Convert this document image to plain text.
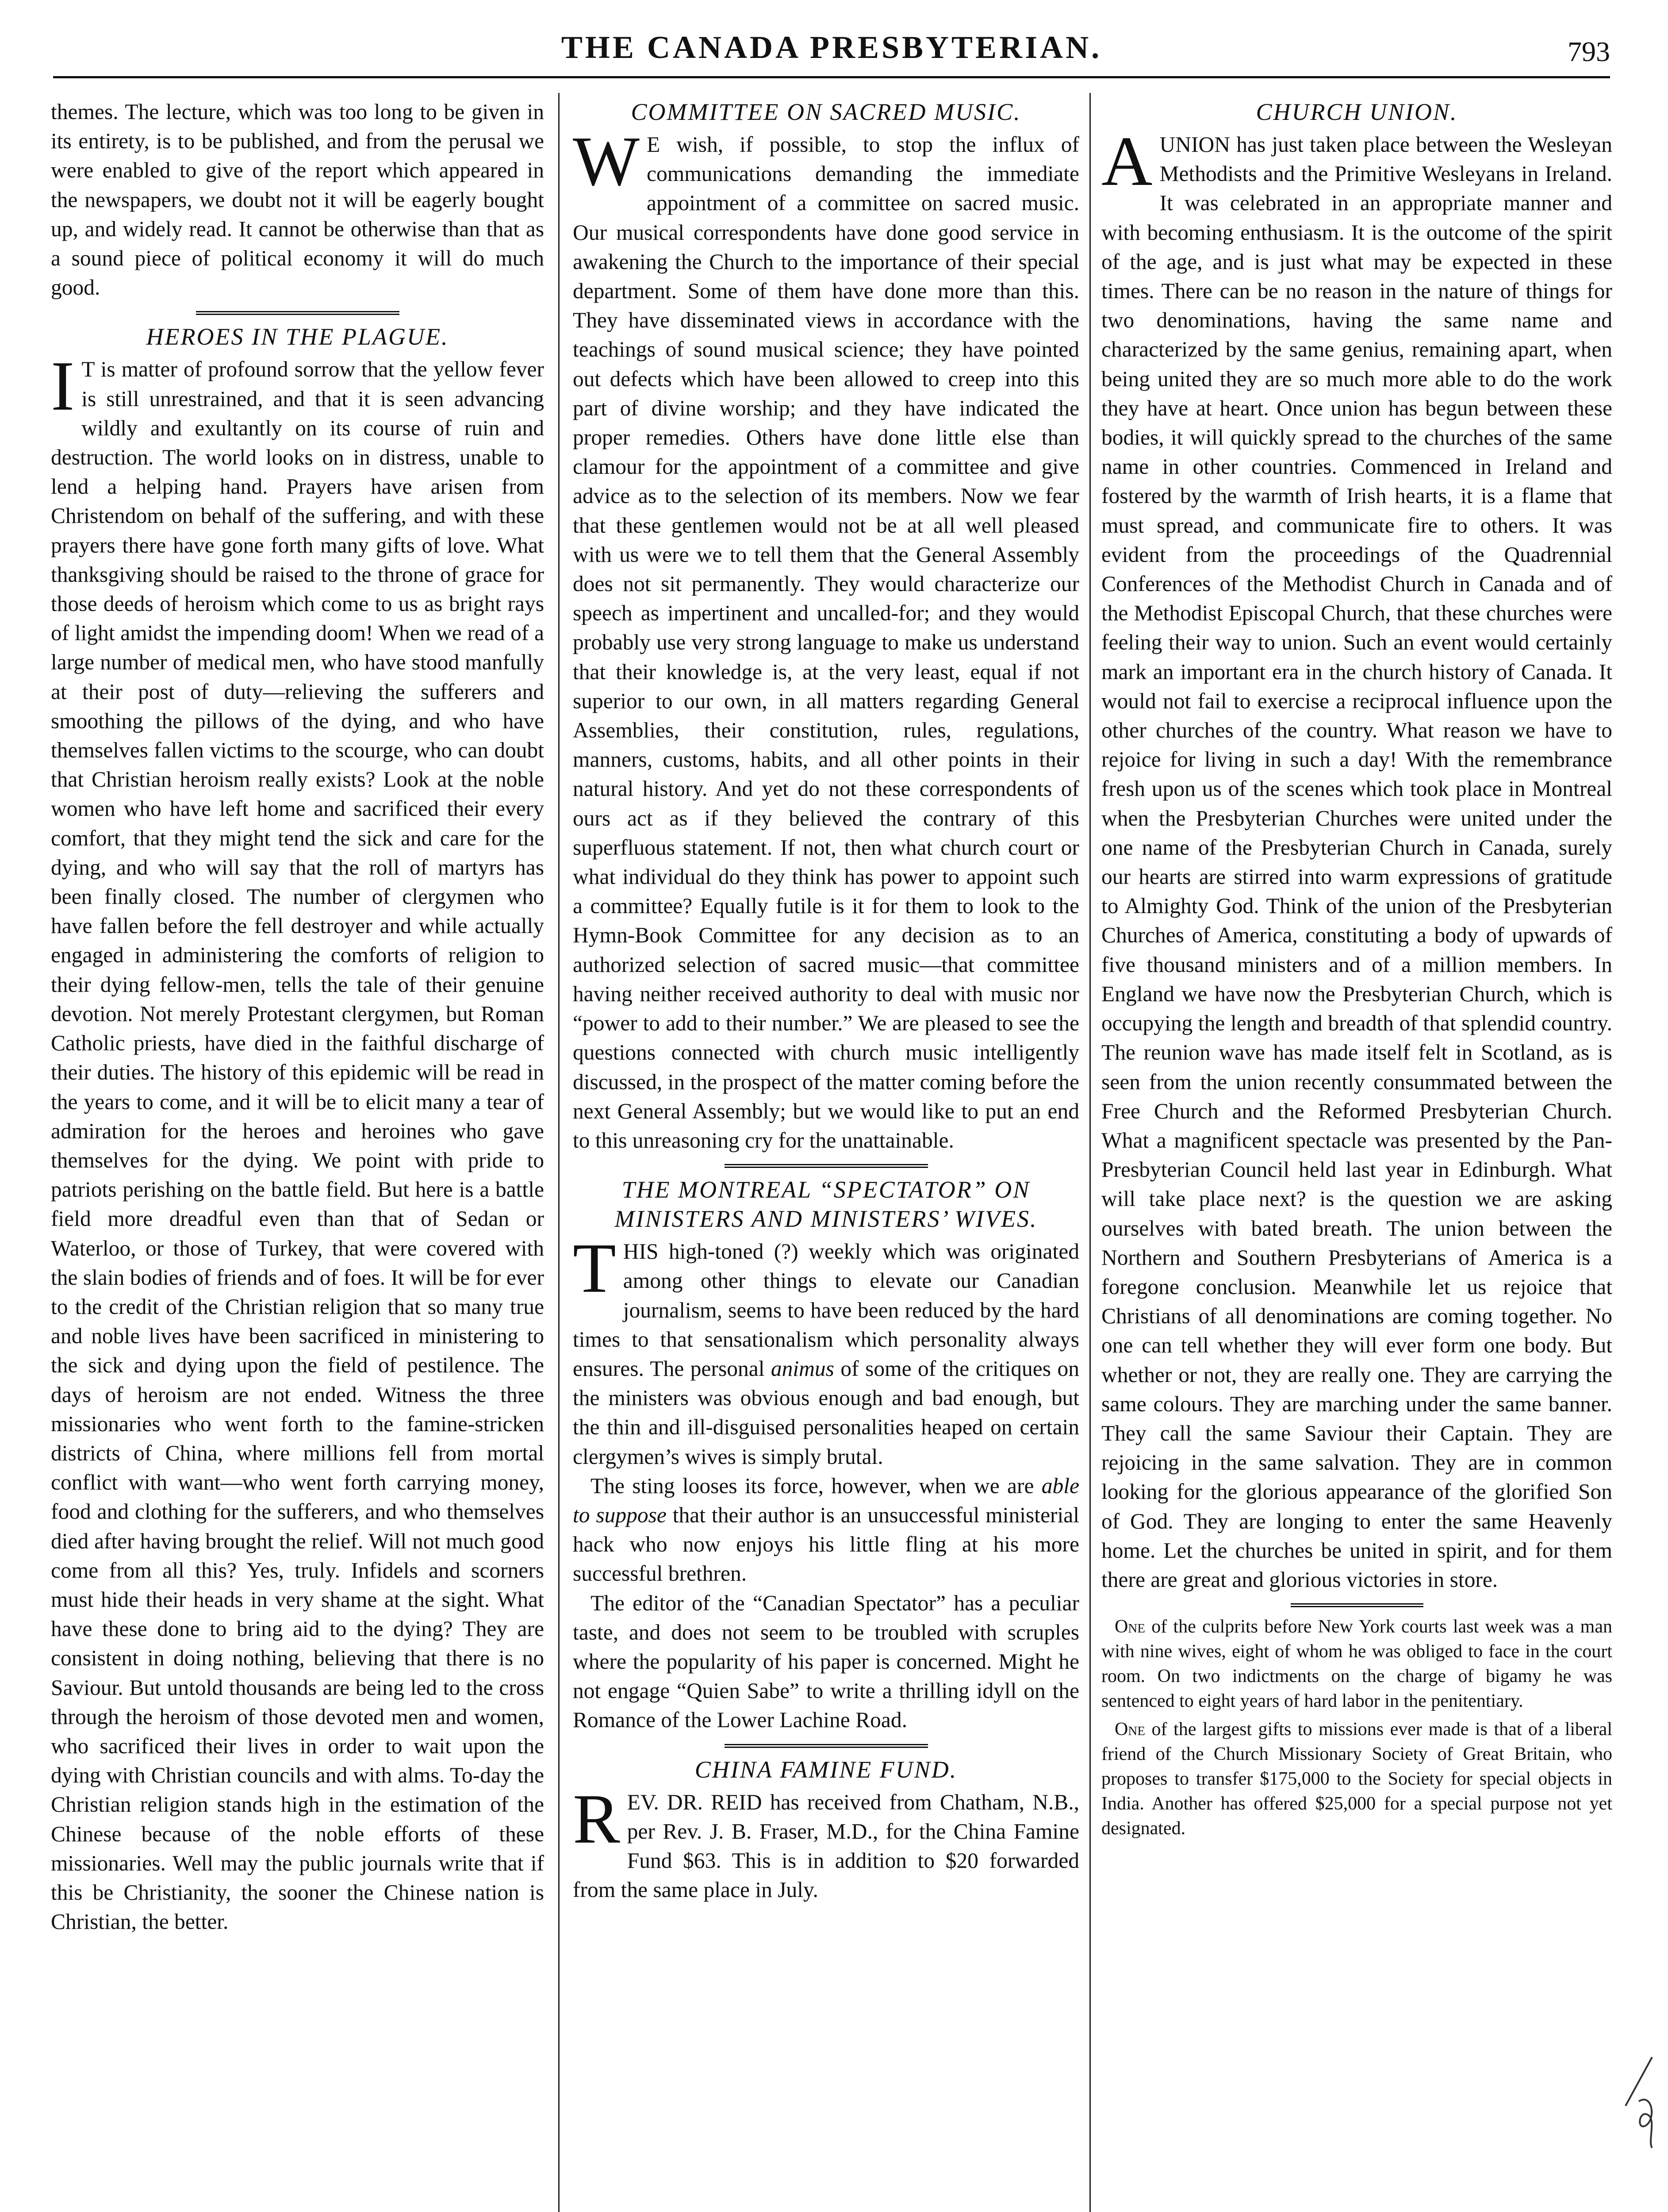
THE CANADA PRESBYTERIAN.	793

themes. The lecture, which was too long to be given in its entirety, is to be published, and from the perusal we were enabled to give of the report which appeared in the newspapers, we doubt not it will be eagerly bought up, and widely read. It cannot be otherwise than that as a sound piece of political economy it will do much good.

HEROES IN THE PLAGUE.

I T is matter of profound sorrow that the yellow fever is still unrestrained, and that it is seen advancing wildly and exultantly on its course of ruin and destruction. The world looks on in distress, unable to lend a helping hand. Prayers have arisen from Christendom on behalf of the suffering, and with these prayers there have gone forth many gifts of love. What thanksgiving should be raised to the throne of grace for those deeds of heroism which come to us as bright rays of light amidst the impending doom! When we read of a large number of medical men, who have stood manfully at their post of duty—relieving the sufferers and smoothing the pillows of the dying, and who have themselves fallen victims to the scourge, who can doubt that Christian heroism really exists? Look at the noble women who have left home and sacrificed their every comfort, that they might tend the sick and care for the dying, and who will say that the roll of martyrs has been finally closed. The number of clergymen who have fallen before the fell destroyer and while actually engaged in administering the comforts of religion to their dying fellow-men, tells the tale of their genuine devotion. Not merely Protestant clergymen, but Roman Catholic priests, have died in the faithful discharge of their duties. The history of this epidemic will be read in the years to come, and it will be to elicit many a tear of admiration for the heroes and heroines who gave themselves for the dying. We point with pride to patriots perishing on the battle field. But here is a battle field more dreadful even than that of Sedan or Waterloo, or those of Turkey, that were covered with the slain bodies of friends and of foes. It will be for ever to the credit of the Christian religion that so many true and noble lives have been sacrificed in ministering to the sick and dying upon the field of pestilence. The days of heroism are not ended. Witness the three missionaries who went forth to the famine-stricken districts of China, where millions fell from mortal conflict with want—who went forth carrying money, food and clothing for the sufferers, and who themselves died after having brought the relief. Will not much good come from all this? Yes, truly. Infidels and scorners must hide their heads in very shame at the sight. What have these done to bring aid to the dying? They are consistent in doing nothing, believing that there is no Saviour. But untold thousands are being led to the cross through the heroism of those devoted men and women, who sacrificed their lives in order to wait upon the dying with Christian councils and with alms. To-day the Christian religion stands high in the estimation of the Chinese because of the noble efforts of these missionaries. Well may the public journals write that if this be Christianity, the sooner the Chinese nation is Christian, the better.

COMMITTEE ON SACRED MUSIC.

W E wish, if possible, to stop the influx of communications demanding the immediate appointment of a committee on sacred music. Our musical correspondents have done good service in awakening the Church to the importance of their special department. Some of them have done more than this. They have disseminated views in accordance with the teachings of sound musical science; they have pointed out defects which have been allowed to creep into this part of divine worship; and they have indicated the proper remedies. Others have done little else than clamour for the appointment of a committee and give advice as to the selection of its members. Now we fear that these gentlemen would not be at all well pleased with us were we to tell them that the General Assembly does not sit permanently. They would characterize our speech as impertinent and uncalled-for; and they would probably use very strong language to make us understand that their knowledge is, at the very least, equal if not superior to our own, in all matters regarding General Assemblies, their constitution, rules, regulations, manners, customs, habits, and all other points in their natural history. And yet do not these correspondents of ours act as if they believed the contrary of this superfluous statement. If not, then what church court or what individual do they think has power to appoint such a committee? Equally futile is it for them to look to the Hymn-Book Committee for any decision as to an authorized selection of sacred music—that committee having neither received authority to deal with music nor “power to add to their number.” We are pleased to see the questions connected with church music intelligently discussed, in the prospect of the matter coming before the next General Assembly; but we would like to put an end to this unreasoning cry for the unattainable.

THE MONTREAL “SPECTATOR” ON MINISTERS AND MINISTERS’ WIVES.

THIS high-toned (?) weekly which was originated among other things to elevate our Canadian journalism, seems to have been reduced by the hard times to that sensationalism which personality always ensures. The personal animus of some of the critiques on the ministers was obvious enough and bad enough, but the thin and ill-disguised personalities heaped on certain clergymen’s wives is simply brutal.

The sting looses its force, however, when we are able to suppose that their author is an unsuccessful ministerial hack who now enjoys his little fling at his more successful brethren.

The editor of the “Canadian Spectator” has a peculiar taste, and does not seem to be troubled with scruples where the popularity of his paper is concerned. Might he not engage “Quien Sabe” to write a thrilling idyll on the Romance of the Lower Lachine Road.

CHINA FAMINE FUND.

REV. DR. REID has received from Chatham, N.B., per Rev. J. B. Fraser, M.D., for the China Famine Fund $63. This is in addition to $20 forwarded from the same place in July.

CHURCH UNION.

AUNION has just taken place between the Wesleyan Methodists and the Primitive Wesleyans in Ireland. It was celebrated in an appropriate manner and with becoming enthusiasm. It is the outcome of the spirit of the age, and is just what may be expected in these times. There can be no reason in the nature of things for two denominations, having the same name and characterized by the same genius, remaining apart, when being united they are so much more able to do the work they have at heart. Once union has begun between these bodies, it will quickly spread to the churches of the same name in other countries. Commenced in Ireland and fostered by the warmth of Irish hearts, it is a flame that must spread, and communicate fire to others. It was evident from the proceedings of the Quadrennial Conferences of the Methodist Church in Canada and of the Methodist Episcopal Church, that these churches were feeling their way to union. Such an event would certainly mark an important era in the church history of Canada. It would not fail to exercise a reciprocal influence upon the other churches of the country. What reason we have to rejoice for living in such a day! With the remembrance fresh upon us of the scenes which took place in Montreal when the Presbyterian Churches were united under the one name of the Presbyterian Church in Canada, surely our hearts are stirred into warm expressions of gratitude to Almighty God. Think of the union of the Presbyterian Churches of America, constituting a body of upwards of five thousand ministers and of a million members. In England we have now the Presbyterian Church, which is occupying the length and breadth of that splendid country. The reunion wave has made itself felt in Scotland, as is seen from the union recently consummated between the Free Church and the Reformed Presbyterian Church. What a magnificent spectacle was presented by the Pan-Presbyterian Council held last year in Edinburgh. What will take place next? is the question we are asking ourselves with bated breath. The union between the Northern and Southern Presbyterians of America is a foregone conclusion. Meanwhile let us rejoice that Christians of all denominations are coming together. No one can tell whether they will ever form one body. But whether or not, they are really one. They are carrying the same colours. They are marching under the same banner. They call the same Saviour their Captain. They are rejoicing in the same salvation. They are in common looking for the glorious appearance of the glorified Son of God. They are longing to enter the same Heavenly home. Let the churches be united in spirit, and for them there are great and glorious victories in store.

One of the culprits before New York courts last week was a man with nine wives, eight of whom he was obliged to face in the court room. On two indictments on the charge of bigamy he was sentenced to eight years of hard labor in the penitentiary.

One of the largest gifts to missions ever made is that of a liberal friend of the Church Missionary Society of Great Britain, who proposes to transfer $175,000 to the Society for special objects in India. Another has offered $25,000 for a special purpose not yet designated.
